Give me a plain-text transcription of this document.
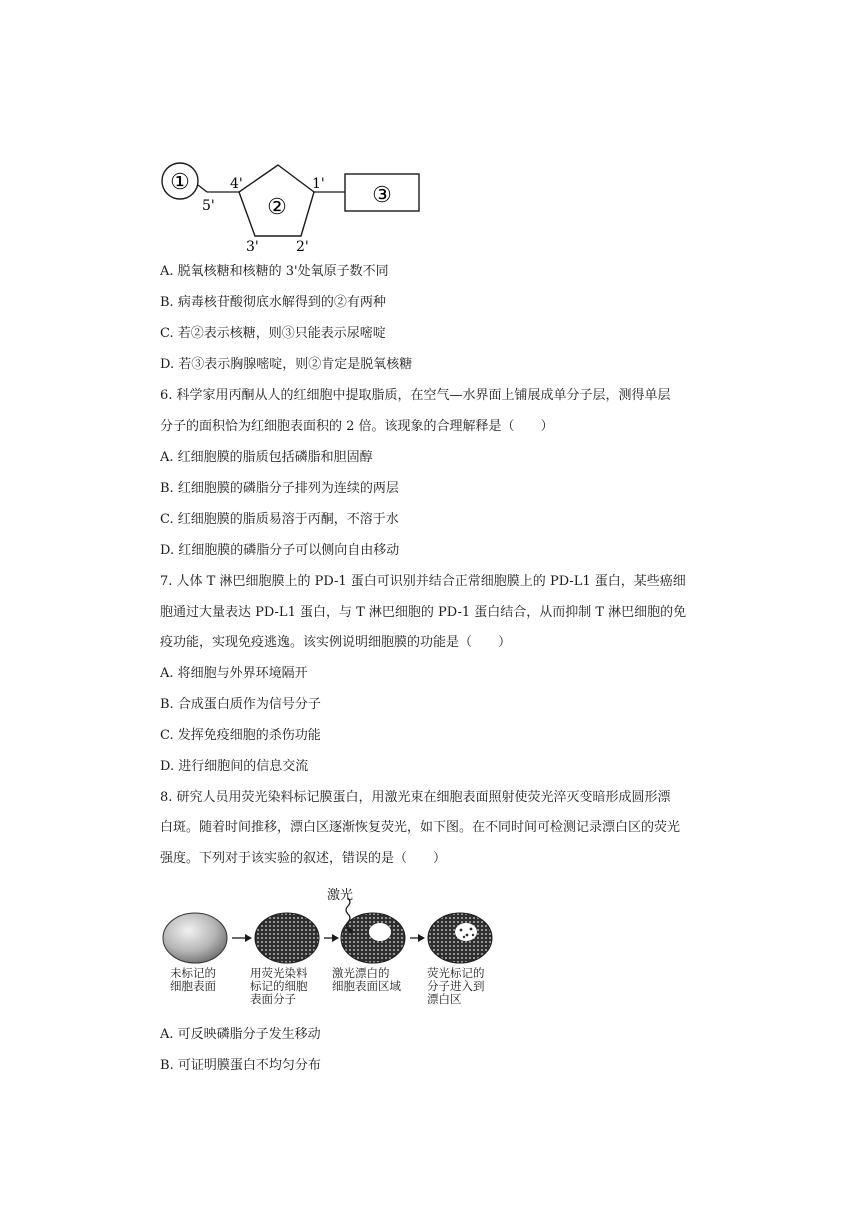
①
②	③
5'
4'	1'
3'	2'
A. 脱氧核糖和核糖的 3'处氧原子数不同
B. 病毒核苷酸彻底水解得到的②有两种
C. 若②表示核糖，则③只能表示尿嘧啶
D. 若③表示胸腺嘧啶，则②肯定是脱氧核糖
6. 科学家用丙酮从人的红细胞中提取脂质，在空气—水界面上铺展成单分子层，测得单层
分子的面积恰为红细胞表面积的 2 倍。该现象的合理解释是（　　）
A. 红细胞膜的脂质包括磷脂和胆固醇
B. 红细胞膜的磷脂分子排列为连续的两层
C. 红细胞膜的脂质易溶于丙酮，不溶于水
D. 红细胞膜的磷脂分子可以侧向自由移动
7. 人体 T 淋巴细胞膜上的 PD-1 蛋白可识别并结合正常细胞膜上的 PD-L1 蛋白，某些癌细
胞通过大量表达 PD-L1 蛋白，与 T 淋巴细胞的 PD-1 蛋白结合，从而抑制 T 淋巴细胞的免
疫功能，实现免疫逃逸。该实例说明细胞膜的功能是（　　）
A. 将细胞与外界环境隔开
B. 合成蛋白质作为信号分子
C. 发挥免疫细胞的杀伤功能
D. 进行细胞间的信息交流
8. 研究人员用荧光染料标记膜蛋白，用激光束在细胞表面照射使荧光淬灭变暗形成圆形漂
白斑。随着时间推移，漂白区逐渐恢复荧光，如下图。在不同时间可检测记录漂白区的荧光
强度。下列对于该实验的叙述，错误的是（　　）
激光
未标记的
细胞表面
用荧光染料
标记的细胞
表面分子
激光漂白的
细胞表面区域
荧光标记的
分子进入到
漂白区
A. 可反映磷脂分子发生移动
B. 可证明膜蛋白不均匀分布
